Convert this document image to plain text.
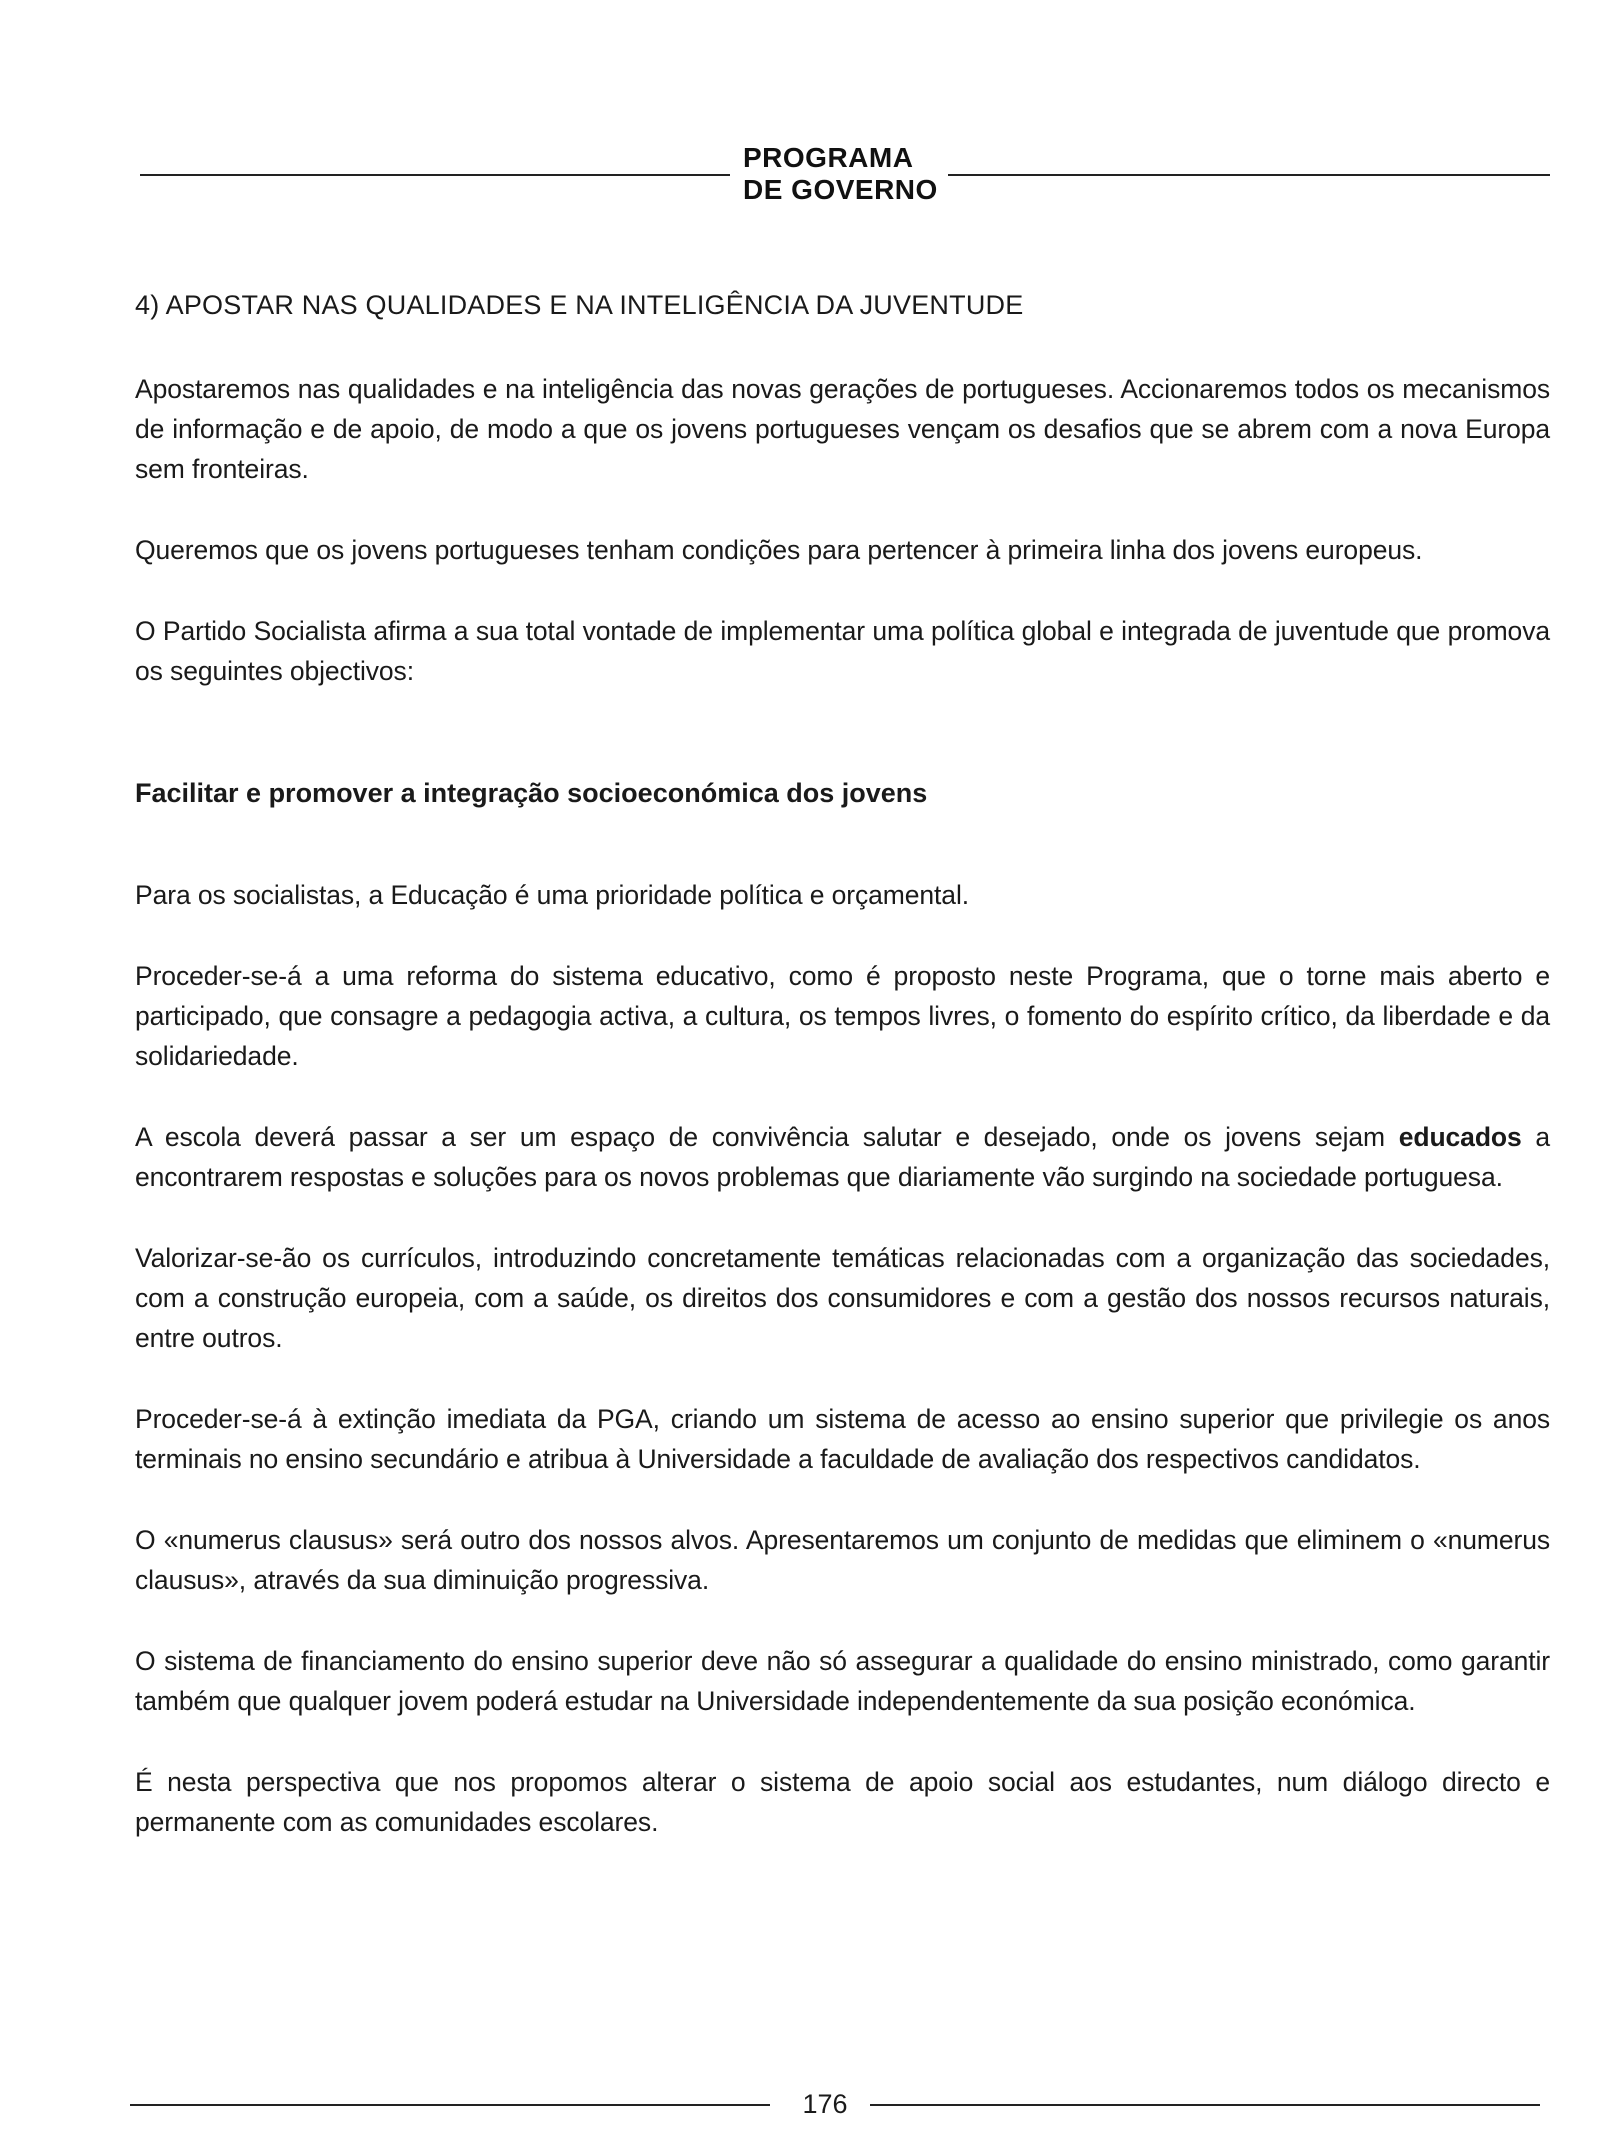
PROGRAMA
DE GOVERNO
4) APOSTAR NAS QUALIDADES E NA INTELIGÊNCIA DA JUVENTUDE

Apostaremos nas qualidades e na inteligência das novas gerações de portugueses. Accionaremos todos os mecanismos de informação e de apoio, de modo a que os jovens portugueses vençam os desafios que se abrem com a nova Europa sem fronteiras.

Queremos que os jovens portugueses tenham condições para pertencer à primeira linha dos jovens europeus.

O Partido Socialista afirma a sua total vontade de implementar uma política global e integrada de juventude que promova os seguintes objectivos:

Facilitar e promover a integração socioeconómica dos jovens

Para os socialistas, a Educação é uma prioridade política e orçamental.

Proceder-se-á a uma reforma do sistema educativo, como é proposto neste Programa, que o torne mais aberto e participado, que consagre a pedagogia activa, a cultura, os tempos livres, o fomento do espírito crítico, da liberdade e da solidariedade.

A escola deverá passar a ser um espaço de convivência salutar e desejado, onde os jovens sejam educados a encontrarem respostas e soluções para os novos problemas que diariamente vão surgindo na sociedade portuguesa.

Valorizar-se-ão os currículos, introduzindo concretamente temáticas relacionadas com a organização das sociedades, com a construção europeia, com a saúde, os direitos dos consumidores e com a gestão dos nossos recursos naturais, entre outros.

Proceder-se-á à extinção imediata da PGA, criando um sistema de acesso ao ensino superior que privilegie os anos terminais no ensino secundário e atribua à Universidade a faculdade de avaliação dos respectivos candidatos.

O «numerus clausus» será outro dos nossos alvos. Apresentaremos um conjunto de medidas que eliminem o «numerus clausus», através da sua diminuição progressiva.

O sistema de financiamento do ensino superior deve não só assegurar a qualidade do ensino ministrado, como garantir também que qualquer jovem poderá estudar na Universidade independentemente da sua posição económica.

É nesta perspectiva que nos propomos alterar o sistema de apoio social aos estudantes, num diálogo directo e permanente com as comunidades escolares.

176
